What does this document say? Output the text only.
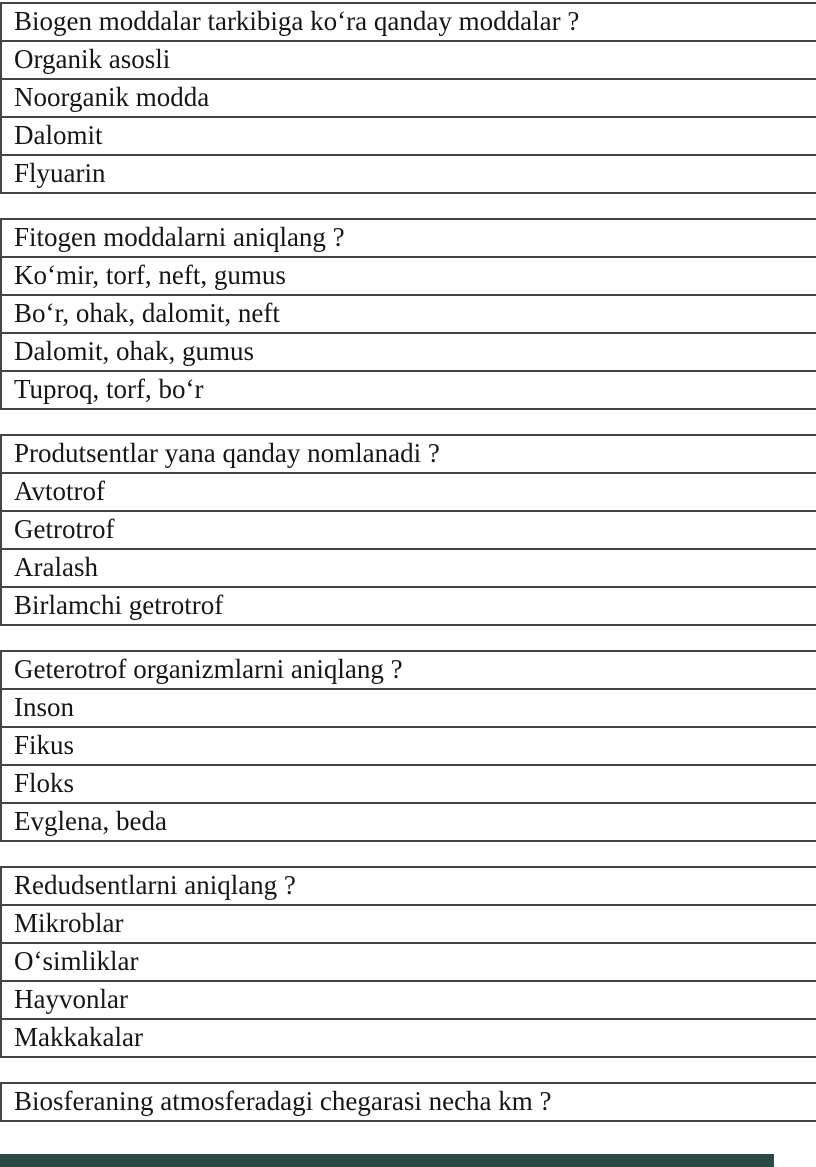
Biogen moddalar tarkibiga koʻra qanday moddalar ?
Organik asosli
Noorganik modda
Dalomit
Flyuarin
Fitogen moddalarni aniqlang ?
Koʻmir, torf, neft, gumus
Boʻr, ohak, dalomit, neft
Dalomit, ohak, gumus
Tuproq, torf, boʻr
Produtsentlar yana qanday nomlanadi ?
Avtotrof
Getrotrof
Aralash
Birlamchi getrotrof
Geterotrof organizmlarni aniqlang ?
Inson
Fikus
Floks
Evglena, beda
Redudsentlarni aniqlang ?
Mikroblar
Oʻsimliklar
Hayvonlar
Makkakalar
Biosferaning atmosferadagi chegarasi necha km ?
